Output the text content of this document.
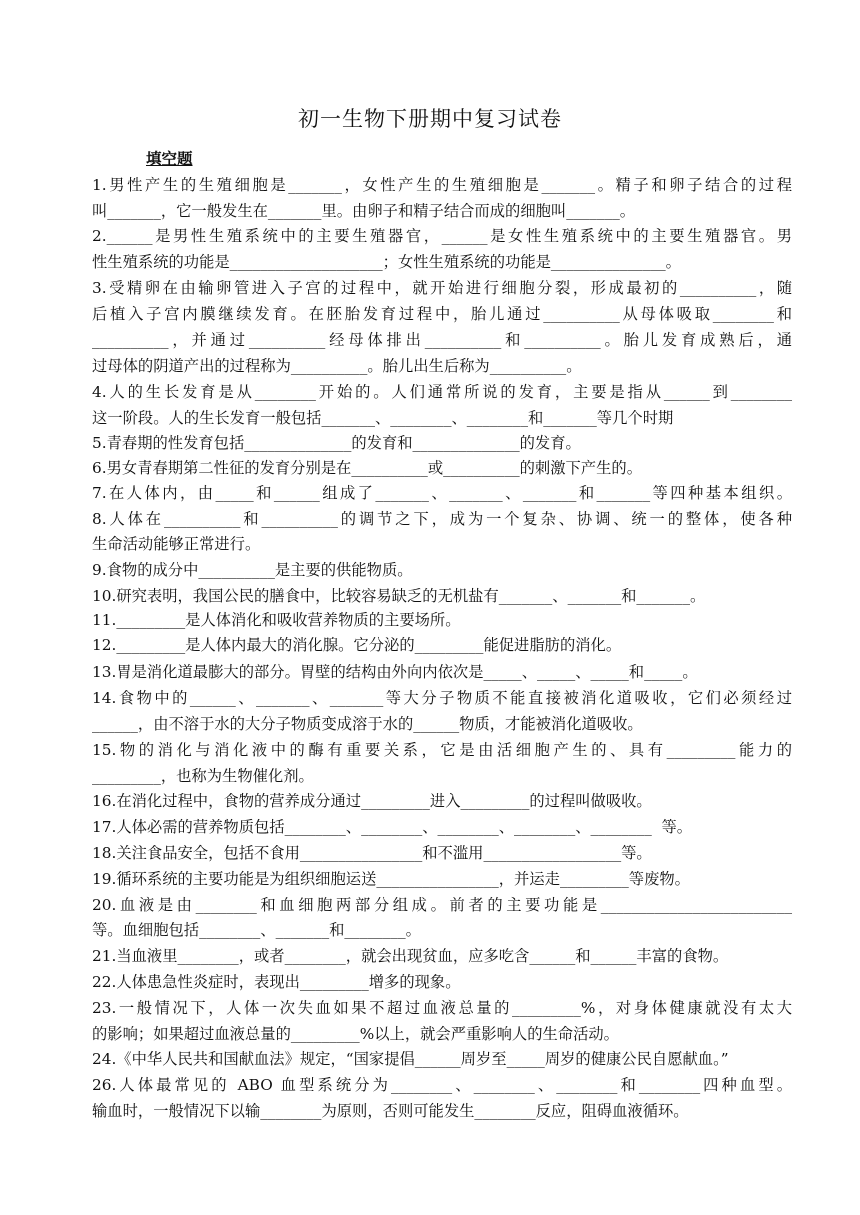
初一生物下册期中复习试卷
填空题
1.男性产生的生殖细胞是_______，女性产生的生殖细胞是_______。精子和卵子结合的过程
叫_______，它一般发生在_______里。由卵子和精子结合而成的细胞叫_______。
2.______是男性生殖系统中的主要生殖器官，______是女性生殖系统中的主要生殖器官。男
性生殖系统的功能是____________________；女性生殖系统的功能是_______________。
3.受精卵在由输卵管进入子宫的过程中，就开始进行细胞分裂，形成最初的__________，随
后植入子宫内膜继续发育。在胚胎发育过程中，胎儿通过__________从母体吸取________和
__________，并通过__________经母体排出__________和__________。胎儿发育成熟后，通
过母体的阴道产出的过程称为__________。胎儿出生后称为__________。
4.人的生长发育是从________开始的。人们通常所说的发育，主要是指从______到________
这一阶段。人的生长发育一般包括_______、________、________和_______等几个时期
5.青春期的性发育包括______________的发育和______________的发育。
6.男女青春期第二性征的发育分别是在__________或__________的刺激下产生的。
7.在人体内，由_____和______组成了_______、_______、_______和_______等四种基本组织。
8.人体在__________和__________的调节之下，成为一个复杂、协调、统一的整体，使各种
生命活动能够正常进行。
9.食物的成分中__________是主要的供能物质。
10.研究表明，我国公民的膳食中，比较容易缺乏的无机盐有_______、_______和_______。
11._________是人体消化和吸收营养物质的主要场所。
12._________是人体内最大的消化腺。它分泌的_________能促进脂肪的消化。
13.胃是消化道最膨大的部分。胃壁的结构由外向内依次是_____、_____、_____和_____。
14.食物中的______、_______、_______等大分子物质不能直接被消化道吸收，它们必须经过
______，由不溶于水的大分子物质变成溶于水的______物质，才能被消化道吸收。
15.物的消化与消化液中的酶有重要关系，它是由活细胞产生的、具有_________能力的
_________，也称为生物催化剂。
16.在消化过程中，食物的营养成分通过_________进入_________的过程叫做吸收。
17.人体必需的营养物质包括________、________、________、________、________  等。
18.关注食品安全，包括不食用________________和不滥用__________________等。
19.循环系统的主要功能是为组织细胞运送________________，并运走_________等废物。
20.血液是由________和血细胞两部分组成。前者的主要功能是_________________________
等。血细胞包括________、_______和________。
21.当血液里________，或者________，就会出现贫血，应多吃含______和______丰富的食物。
22.人体患急性炎症时，表现出_________增多的现象。
23.一般情况下，人体一次失血如果不超过血液总量的_________%，对身体健康就没有太大
的影响；如果超过血液总量的_________%以上，就会严重影响人的生命活动。
24.《中华人民共和国献血法》规定，“国家提倡______周岁至_____周岁的健康公民自愿献血。”
26.人体最常见的 ABO 血型系统分为________、________、________和________四种血型。
输血时，一般情况下以输________为原则，否则可能发生________反应，阻碍血液循环。
